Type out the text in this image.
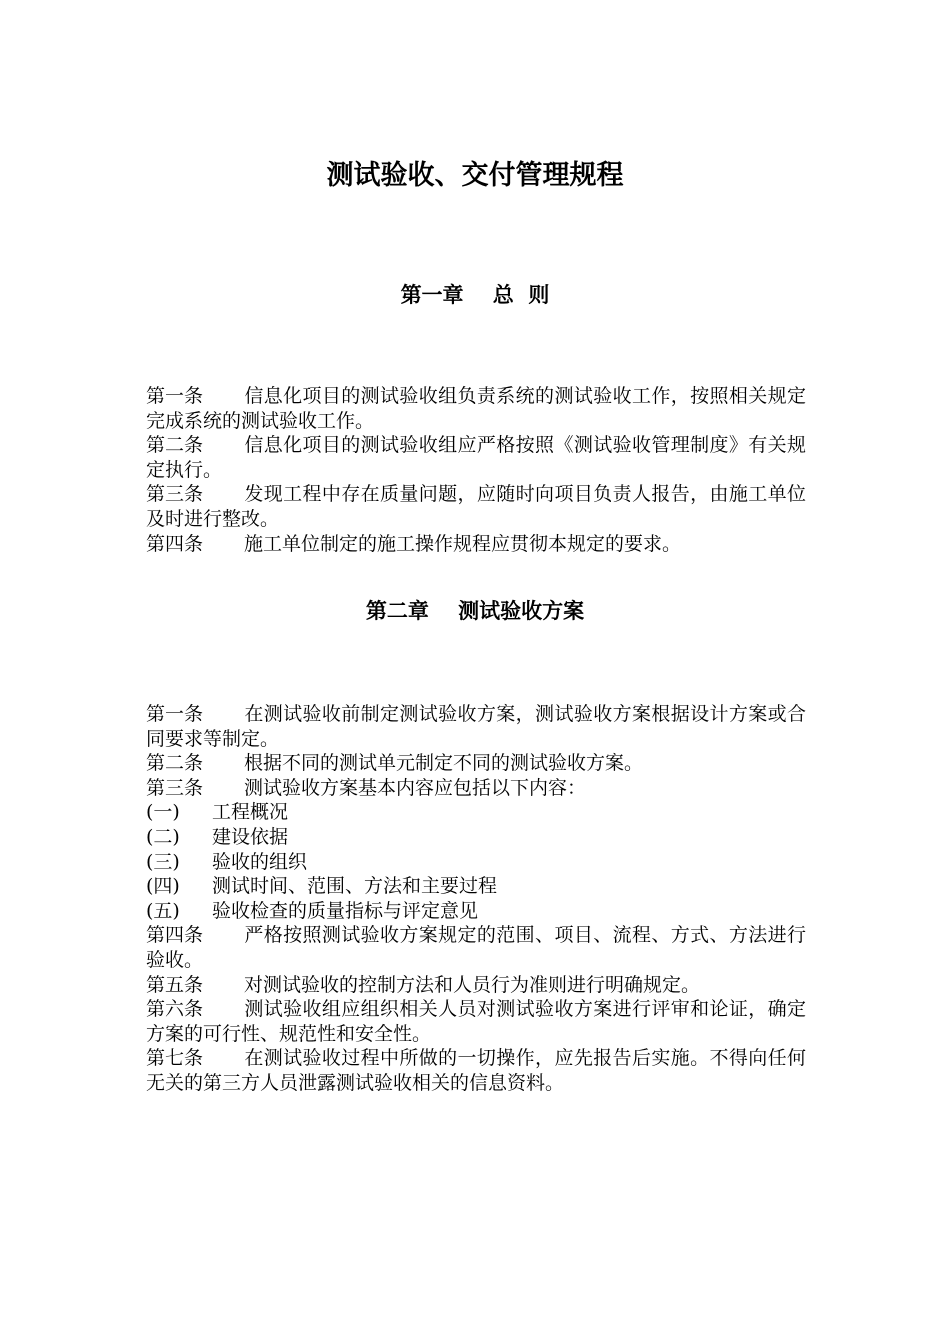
测试验收、交付管理规程
第一章    总  则
第一条 信息化项目的测试验收组负责系统的测试验收工作，按照相关规定完成系统的测试验收工作。
第二条 信息化项目的测试验收组应严格按照《测试验收管理制度》有关规定执行。
第三条 发现工程中存在质量问题，应随时向项目负责人报告，由施工单位及时进行整改。
第四条 施工单位制定的施工操作规程应贯彻本规定的要求。
第二章    测试验收方案
第一条 在测试验收前制定测试验收方案，测试验收方案根据设计方案或合同要求等制定。
第二条 根据不同的测试单元制定不同的测试验收方案。
第三条 测试验收方案基本内容应包括以下内容：
(一) 工程概况
(二) 建设依据
(三) 验收的组织
(四) 测试时间、范围、方法和主要过程
(五) 验收检查的质量指标与评定意见
第四条 严格按照测试验收方案规定的范围、项目、流程、方式、方法进行验收。
第五条 对测试验收的控制方法和人员行为准则进行明确规定。
第六条 测试验收组应组织相关人员对测试验收方案进行评审和论证，确定方案的可行性、规范性和安全性。
第七条 在测试验收过程中所做的一切操作，应先报告后实施。不得向任何无关的第三方人员泄露测试验收相关的信息资料。
